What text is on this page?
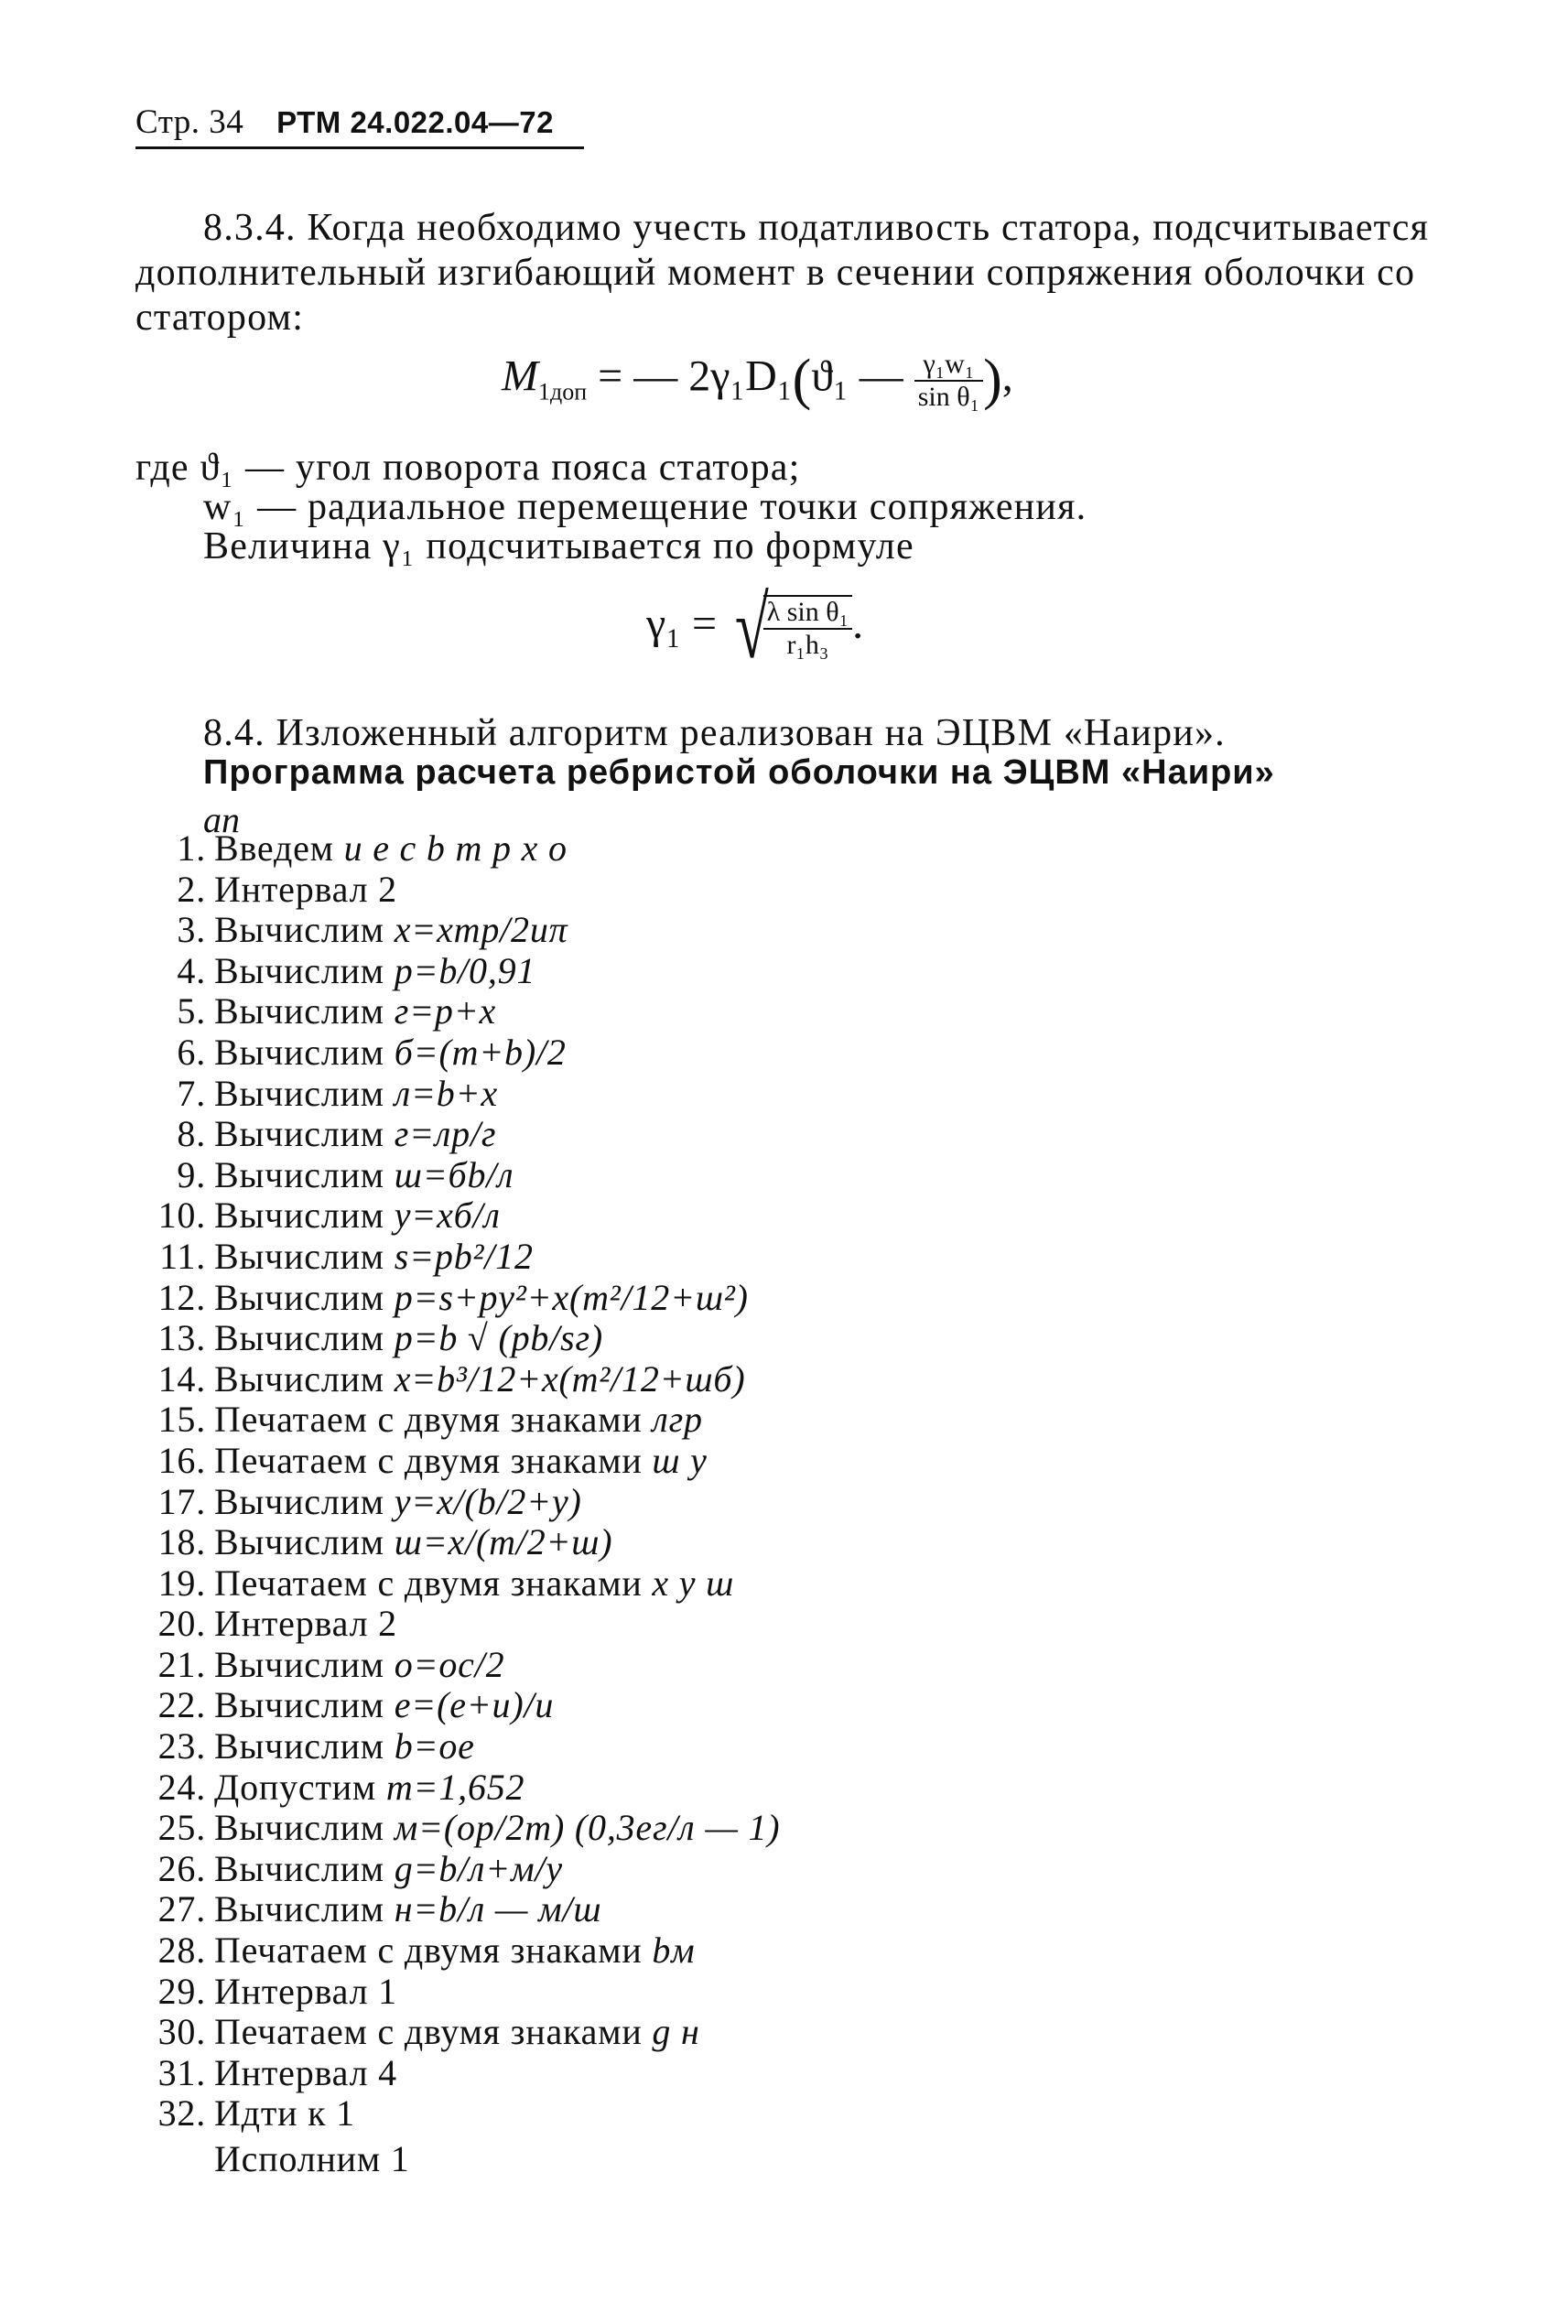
Стр. 34 РТМ 24.022.04—72
8.3.4. Когда необходимо учесть податливость статора, подсчитывается дополнительный изгибающий момент в сечении сопряжения оболочки со статором:
$M_{1доп}$ = — 2γ₁D₁(ϑ₁ — $\frac{\text{γ₁w₁}}{\text{sin θ₁}}$ ),
где ϑ₁ — угол поворота пояса статора;
w₁ — радиальное перемещение точки сопряжения.
Величина γ₁ подсчитывается по формуле
γ₁ = √
$\frac{\text{λ sin θ₁}}{\text{r₁h₃}}$ .
8.4. Изложенный алгоритм реализован на ЭЦВМ «Наири».
Программа расчета ребристой оболочки на ЭЦВМ «Наири»
ап
1. Введем и е с b т р х о
2. Интервал 2
3. Вычислим x=xmp/2uπ
4. Вычислим p=b/0,91
5. Вычислим г=p+x
6. Вычислим б=(m+b)/2
7. Вычислим л=b+x
8. Вычислим г=лр/г
9. Вычислим ш=бb/л
10. Вычислим y=xб/л
11. Вычислим s=pb²/12
12. Вычислим p=s+py²+x(m²/12+ш²)
13. Вычислим p=b √ (pb/sг)
14. Вычислим x=b³/12+x(m²/12+шб)
15. Печатаем с двумя знаками лгр
16. Печатаем с двумя знаками ш y
17. Вычислим y=x/(b/2+y)
18. Вычислим ш=x/(m/2+ш)
19. Печатаем с двумя знаками x y ш
20. Интервал 2
21. Вычислим o=oc/2
22. Вычислим e=(e+u)/u
23. Вычислим b=oe
24. Допустим m=1,652
25. Вычислим м=(op/2m) (0,3eг/л — 1)
26. Вычислим g=b/л+м/y
27. Вычислим н=b/л — м/ш
28. Печатаем с двумя знаками bм
29. Интервал 1
30. Печатаем с двумя знаками g н
31. Интервал 4
32. Идти к 1
Исполним 1
